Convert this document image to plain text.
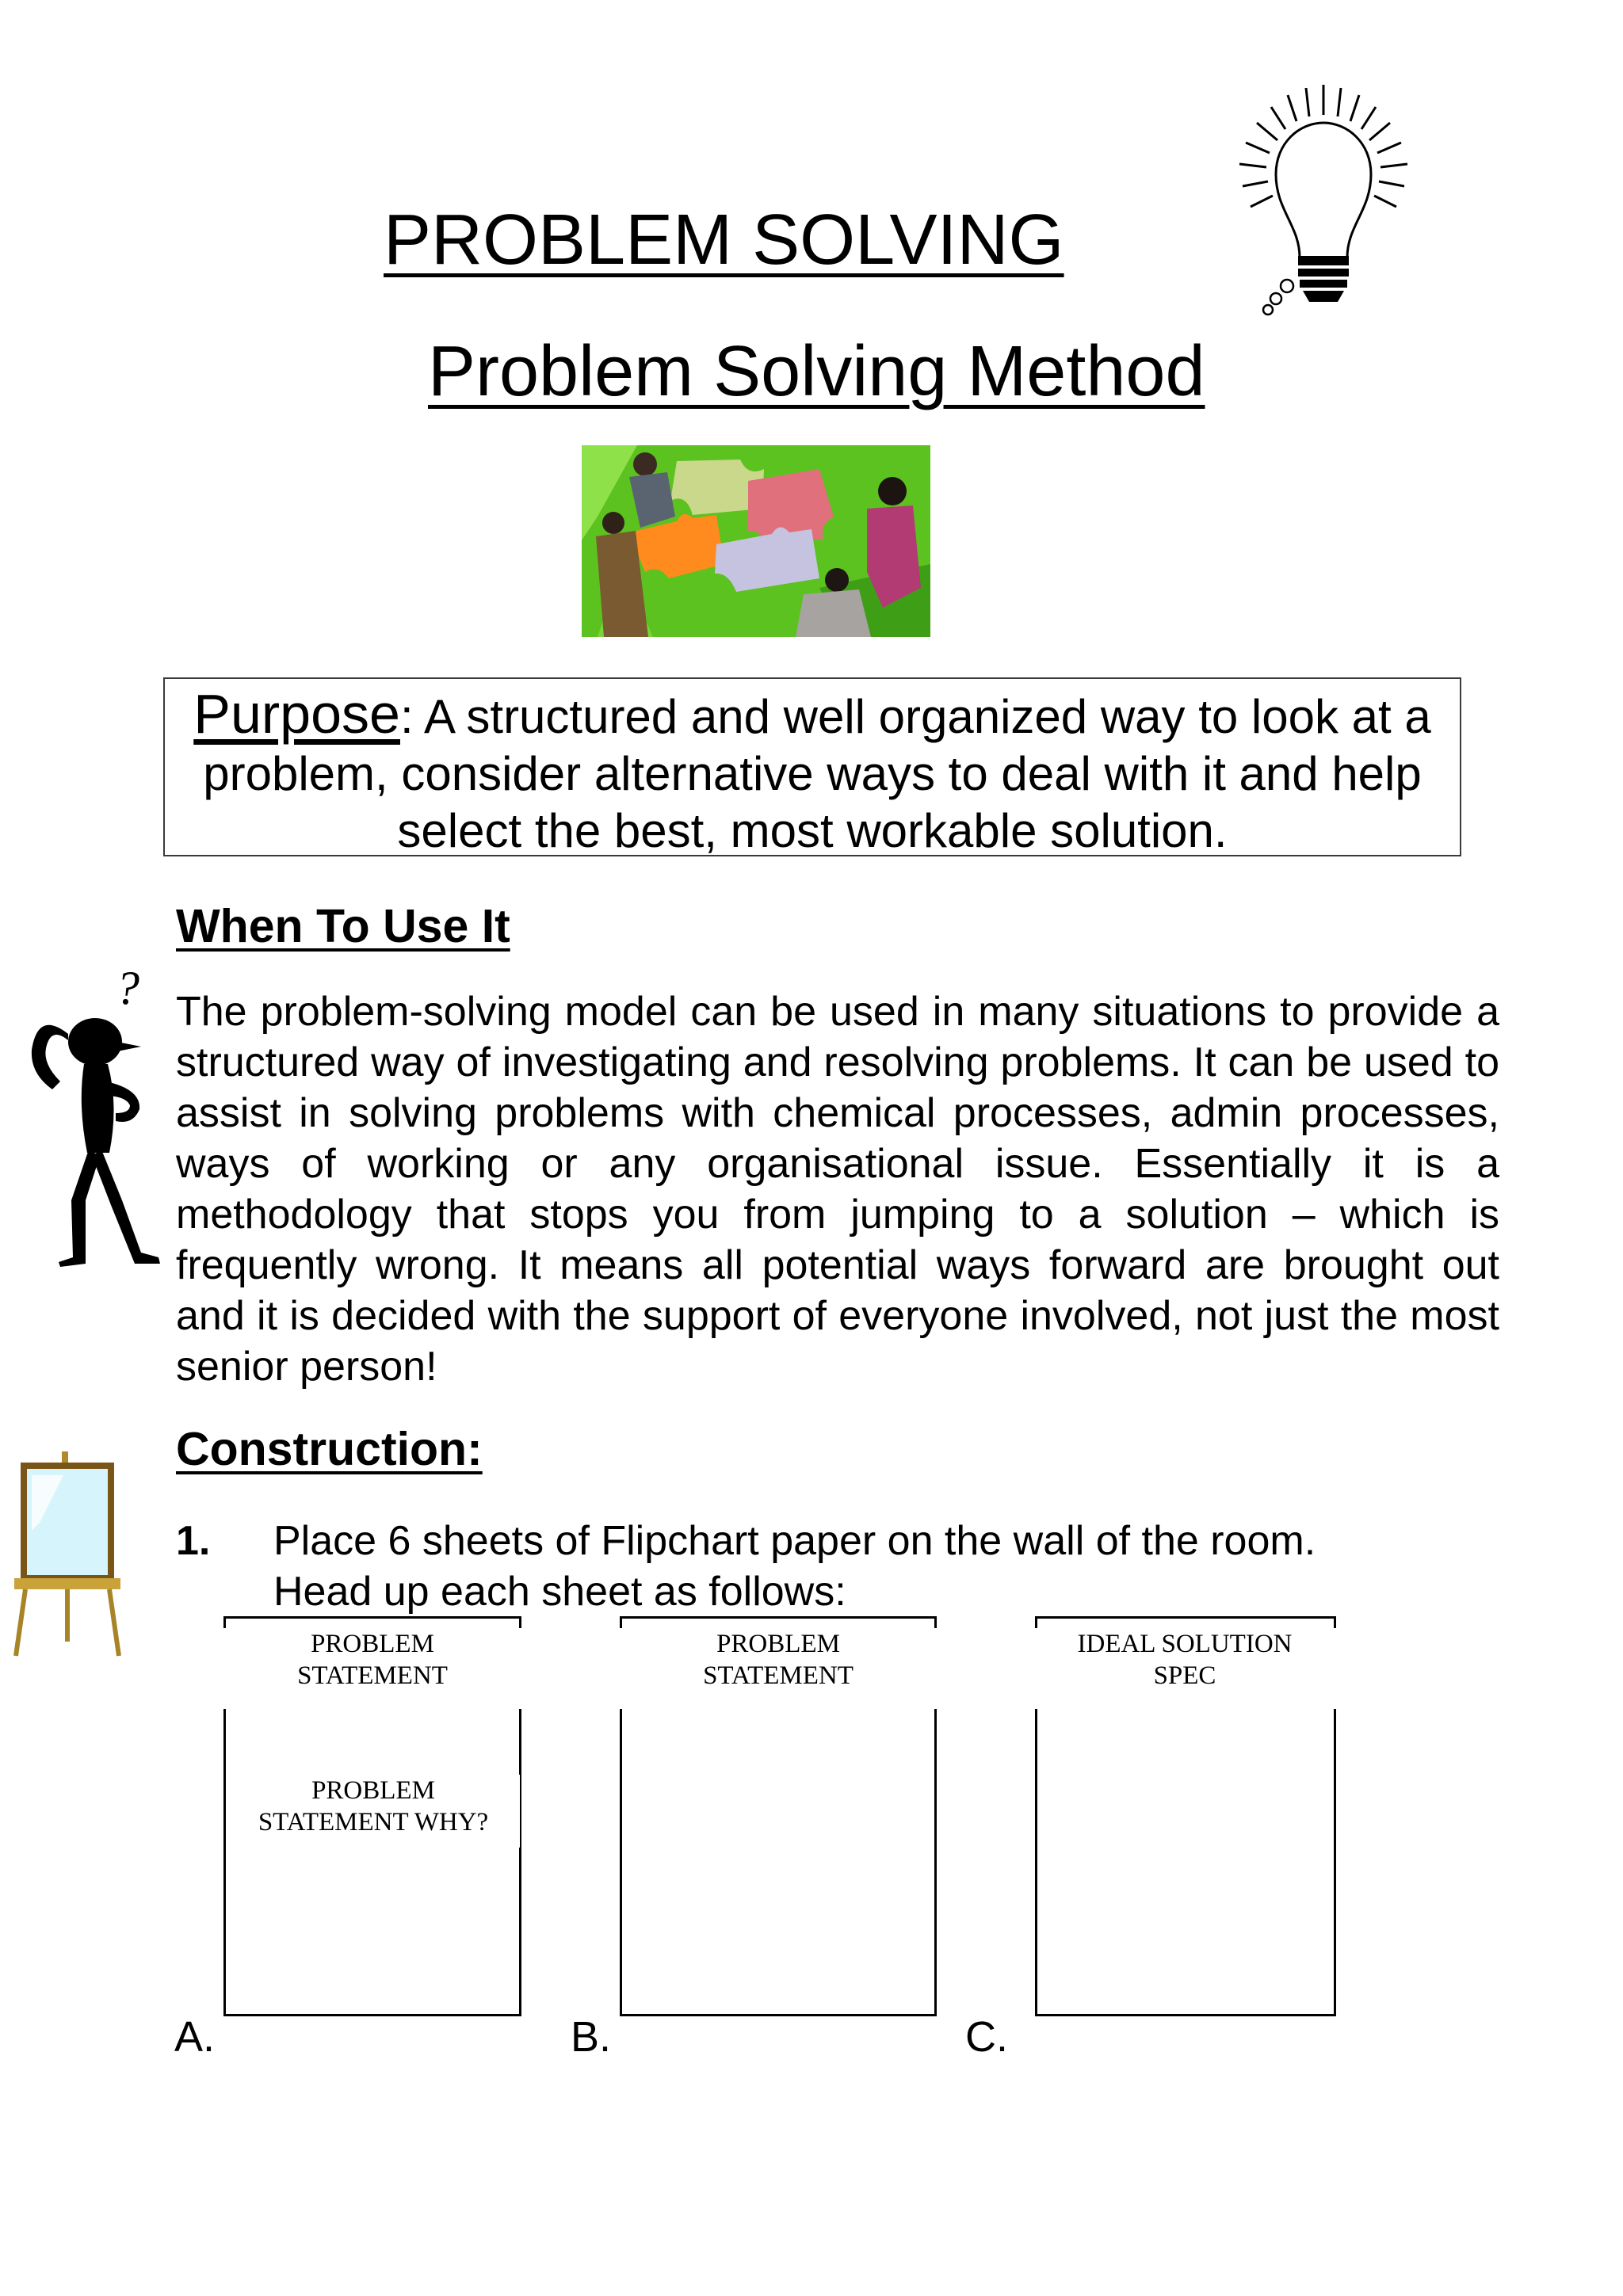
PROBLEM SOLVING
Problem Solving Method
Purpose: A structured and well organized way to look at a problem, consider alternative ways to deal with it and help select the best, most workable solution.
When To Use It
? The problem-solving model can be used in many situations to provide a structured way of investigating and resolving problems. It can be used to assist in solving problems with chemical processes, admin processes, ways of working or any organisational issue. Essentially it is a methodology that stops you from jumping to a solution – which is frequently wrong. It means all potential ways forward are brought out and it is decided with the support of everyone involved, not just the most senior person!

Construction:
1. Place 6 sheets of Flipchart paper on the wall of the room.
Head up each sheet as follows:
PROBLEM
STATEMENT
PROBLEM
STATEMENT WHY?
A.
PROBLEM
STATEMENT
B.
IDEAL SOLUTION
SPEC
C.
